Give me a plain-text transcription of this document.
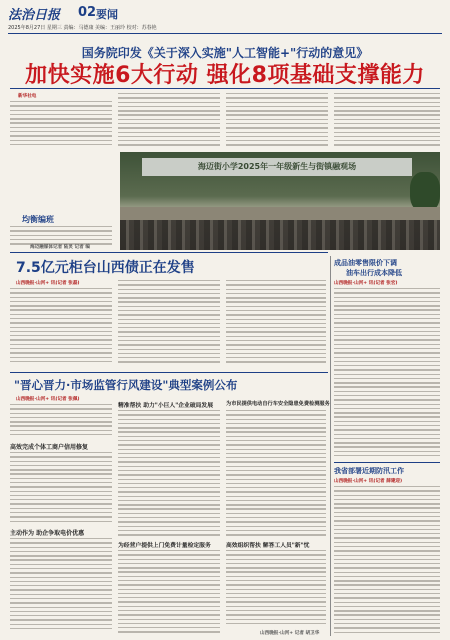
法治日报 02 要闻
2025年8月27日 星期三 责编：马德康 美编：王丽玲 校对：苏春艳
国务院印发《关于深入实施"人工智能+"行动的意见》
加快实施6大行动 强化8项基础支撑能力
新华社电
海迈街小学2025年一年级新生与街镇融观场
均衡编班
海迈融媒体记者 陆灵 记者 编
成品油零售限价下调
油车出行成本降低
山西晚报·山河+ 讯(记者 张宏)
7.5亿元柜台山西债正在发售
山西晚报·山河+ 讯(记者 张磊)
我省部署近期防汛工作
山西晚报·山河+ 讯(记者 薛建迎)
"晋心晋力·市场监管行风建设"典型案例公布
山西晚报·山河+ 讯(记者 张佩)
高效完成个体工商户信用修复
主动作为 助企争取电价优惠
精准帮扶 助力"小巨人"企业破局发展
为经营户提供上门免费计量检定服务
为市民提供电动自行车安全隐患免费检测服务
高效组织帮扶 解答工人员"新"忧
山西晚报·山河+ 记者 胡卫华
